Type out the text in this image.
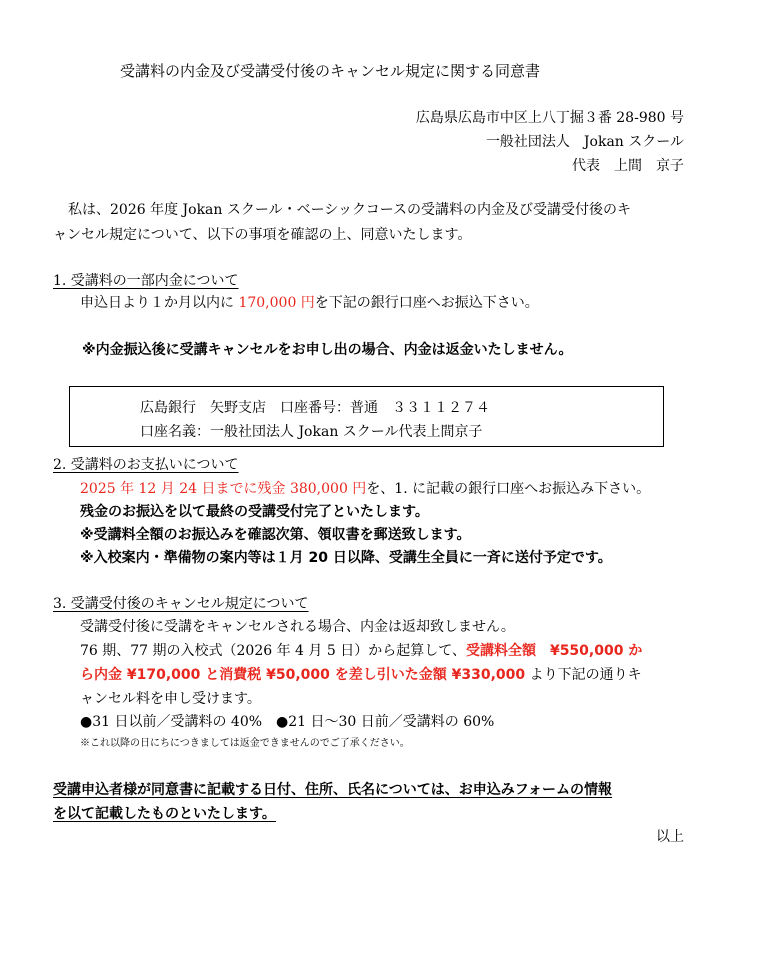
受講料の内金及び受講受付後のキャンセル規定に関する同意書
広島県広島市中区上八丁掘３番 28-980 号
一般社団法人　Jokan スクール
代表　上間　京子
私は、2026 年度 Jokan スクール・ベーシックコースの受講料の内金及び受講受付後のキ
ャンセル規定について、以下の事項を確認の上、同意いたします。
1. 受講料の一部内金について
申込日より１か月以内に 170,000 円を下記の銀行口座へお振込下さい。
※内金振込後に受講キャンセルをお申し出の場合、内金は返金いたしません。
広島銀行　矢野支店　口座番号：普通　３３１１２７４
口座名義：一般社団法人 Jokan スクール代表上間京子
2. 受講料のお支払いについて
2025 年 12 月 24 日までに残金 380,000 円を、1. に記載の銀行口座へお振込み下さい。
残金のお振込を以て最終の受講受付完了といたします。
※受講料全額のお振込みを確認次第、領収書を郵送致します。
※入校案内・準備物の案内等は１月 20 日以降、受講生全員に一斉に送付予定です。
3. 受講受付後のキャンセル規定について
受講受付後に受講をキャンセルされる場合、内金は返却致しません。
76 期、77 期の入校式（2026 年 4 月 5 日）から起算して、受講料全額　¥550,000 か
ら内金 ¥170,000 と消費税 ¥50,000 を差し引いた金額 ¥330,000 より下記の通りキ
ャンセル料を申し受けます。
●31 日以前／受講料の 40%　●21 日～30 日前／受講料の 60%
※これ以降の日にちにつきましては返金できませんのでご了承ください。
受講申込者様が同意書に記載する日付、住所、氏名については、お申込みフォームの情報
を以て記載したものといたします。
以上
